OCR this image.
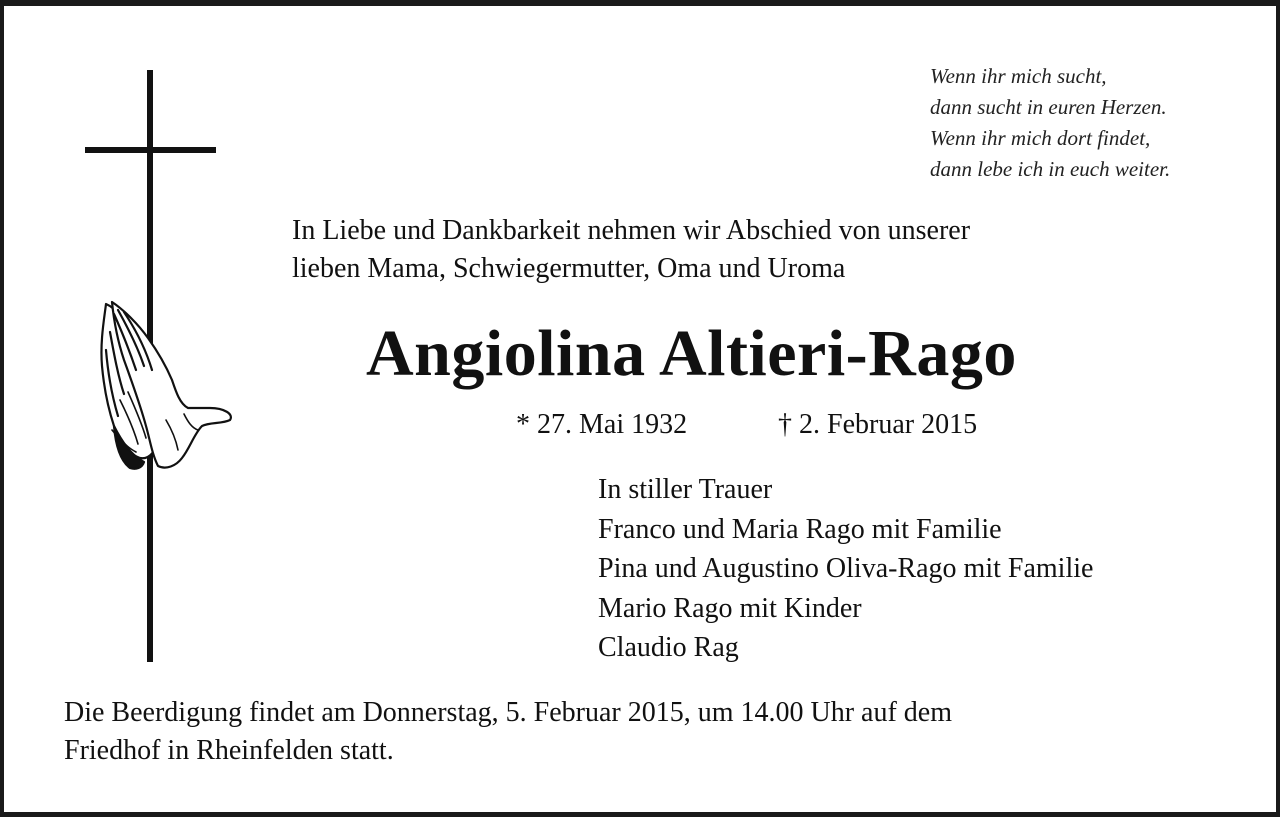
Wenn ihr mich sucht,
dann sucht in euren Herzen.
Wenn ihr mich dort findet,
dann lebe ich in euch weiter.
In Liebe und Dankbarkeit nehmen wir Abschied von unserer
lieben Mama, Schwiegermutter, Oma und Uroma
Angiolina Altieri-Rago
* 27. Mai 1932	† 2. Februar 2015
In stiller Trauer
Franco und Maria Rago mit Familie
Pina und Augustino Oliva-Rago mit Familie
Mario Rago mit Kinder
Claudio Rag
Die Beerdigung findet am Donnerstag, 5. Februar 2015, um 14.00 Uhr auf dem
Friedhof in Rheinfelden statt.
